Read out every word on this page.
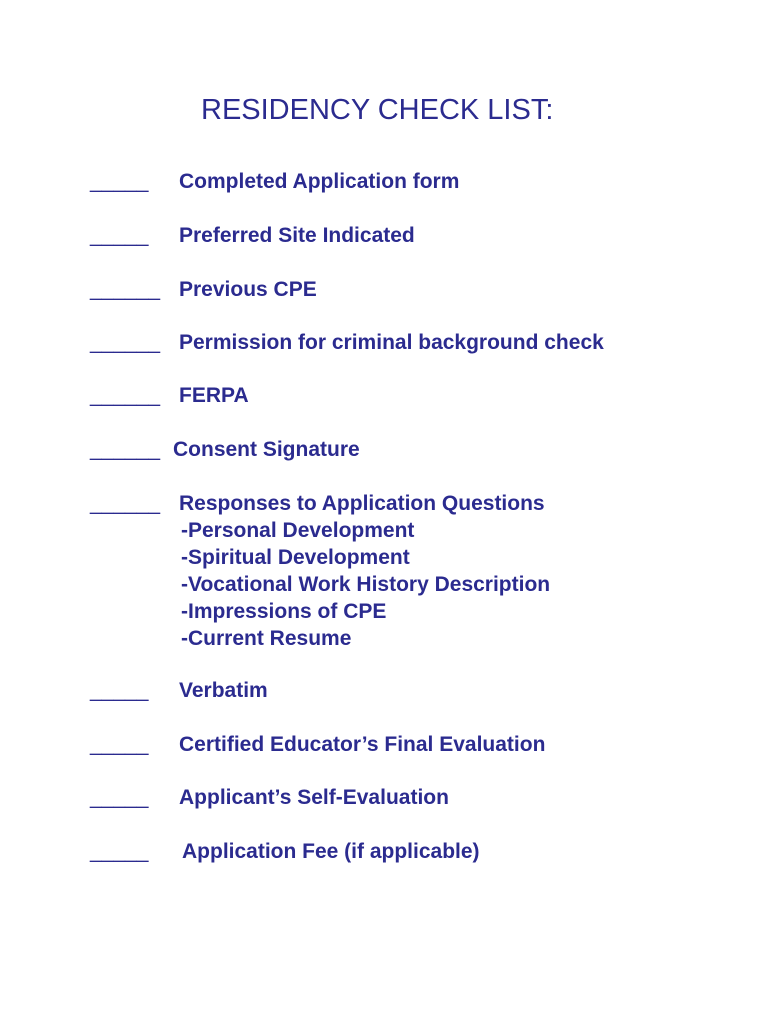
RESIDENCY CHECK LIST:
_____ Completed Application form
_____ Preferred Site Indicated
______ Previous CPE
______ Permission for criminal background check
______ FERPA
______ Consent Signature
______ Responses to Application Questions
-Personal Development
-Spiritual Development
-Vocational Work History Description
-Impressions of CPE
-Current Resume
_____ Verbatim
_____ Certified Educator’s Final Evaluation
_____ Applicant’s Self-Evaluation
_____ Application Fee (if applicable)
